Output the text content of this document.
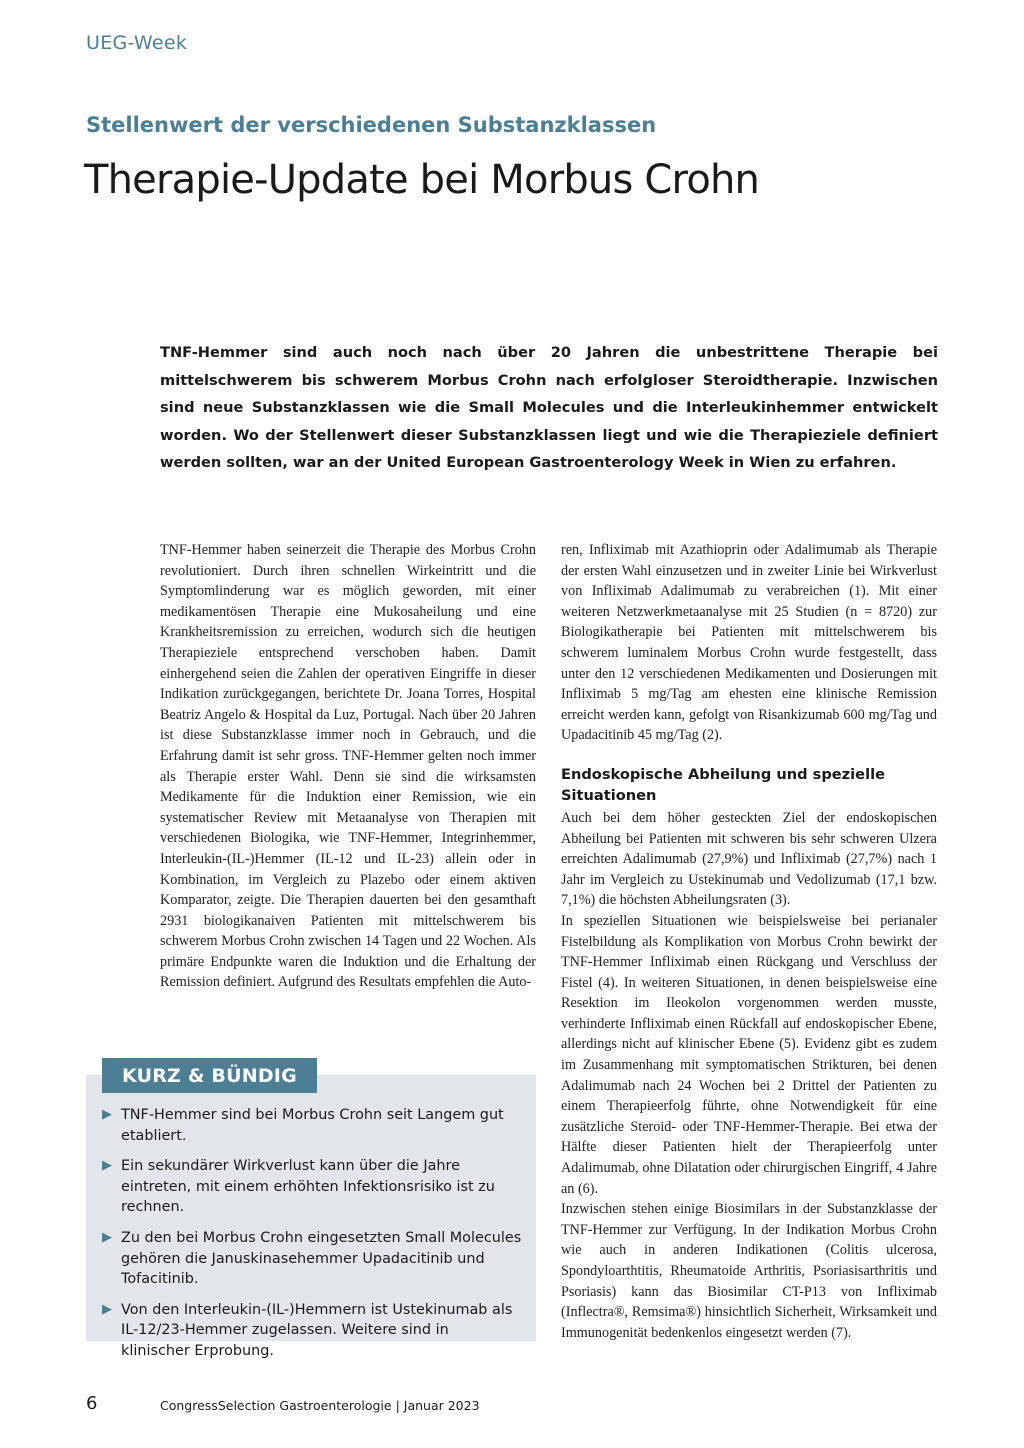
UEG-Week
Stellenwert der verschiedenen Substanzklassen
Therapie-Update bei Morbus Crohn

TNF-Hemmer sind auch noch nach über 20 Jahren die unbestrittene Therapie bei mittelschwerem bis schwerem Morbus Crohn nach erfolgloser Steroidtherapie. Inzwischen sind neue Substanzklassen wie die Small Molecules und die Interleukinhemmer entwickelt worden. Wo der Stellenwert dieser Substanzklassen liegt und wie die Therapieziele definiert werden sollten, war an der United European Gastroenterology Week in Wien zu erfahren.

TNF-Hemmer haben seinerzeit die Therapie des Morbus Crohn revolutioniert. Durch ihren schnellen Wirkeintritt und die Symptomlinderung war es möglich geworden, mit einer medikamentösen Therapie eine Mukosaheilung und eine Krankheitsremission zu erreichen, wodurch sich die heutigen Therapieziele entsprechend verschoben haben. Damit einhergehend seien die Zahlen der operativen Eingriffe in dieser Indikation zurückgegangen, berichtete Dr. Joana Torres, Hospital Beatriz Angelo & Hospital da Luz, Portugal. Nach über 20 Jahren ist diese Substanzklasse immer noch in Gebrauch, und die Erfahrung damit ist sehr gross. TNF-Hemmer gelten noch immer als Therapie erster Wahl. Denn sie sind die wirksamsten Medikamente für die Induktion einer Remission, wie ein systematischer Review mit Metaanalyse von Therapien mit verschiedenen Biologika, wie TNF-Hemmer, Integrinhemmer, Interleukin-(IL-)Hemmer (IL-12 und IL-23) allein oder in Kombination, im Vergleich zu Plazebo oder einem aktiven Komparator, zeigte. Die Therapien dauerten bei den gesamthaft 2931 biologikanaiven Patienten mit mittelschwerem bis schwerem Morbus Crohn zwischen 14 Tagen und 22 Wochen. Als primäre Endpunkte waren die Induktion und die Erhaltung der Remission definiert. Aufgrund des Resultats empfehlen die Auto-

ren, Infliximab mit Azathioprin oder Adalimumab als Therapie der ersten Wahl einzusetzen und in zweiter Linie bei Wirkverlust von Infliximab Adalimumab zu verabreichen (1). Mit einer weiteren Netzwerkmetaanalyse mit 25 Studien (n = 8720) zur Biologikatherapie bei Patienten mit mittelschwerem bis schwerem luminalem Morbus Crohn wurde festgestellt, dass unter den 12 verschiedenen Medikamenten und Dosierungen mit Infliximab 5 mg/Tag am ehesten eine klinische Remission erreicht werden kann, gefolgt von Risankizumab 600 mg/Tag und Upadacitinib 45 mg/Tag (2).

Endoskopische Abheilung und spezielle Situationen

Auch bei dem höher gesteckten Ziel der endoskopischen Abheilung bei Patienten mit schweren bis sehr schweren Ulzera erreichten Adalimumab (27,9%) und Infliximab (27,7%) nach 1 Jahr im Vergleich zu Ustekinumab und Vedolizumab (17,1 bzw. 7,1%) die höchsten Abheilungsraten (3).

In speziellen Situationen wie beispielsweise bei perianaler Fistelbildung als Komplikation von Morbus Crohn bewirkt der TNF-Hemmer Infliximab einen Rückgang und Verschluss der Fistel (4). In weiteren Situationen, in denen beispielsweise eine Resektion im Ileokolon vorgenommen werden musste, verhinderte Infliximab einen Rückfall auf endoskopischer Ebene, allerdings nicht auf klinischer Ebene (5). Evidenz gibt es zudem im Zusammenhang mit symptomatischen Strikturen, bei denen Adalimumab nach 24 Wochen bei 2 Drittel der Patienten zu einem Therapieerfolg führte, ohne Notwendigkeit für eine zusätzliche Steroid- oder TNF-Hemmer-Therapie. Bei etwa der Hälfte dieser Patienten hielt der Therapieerfolg unter Adalimumab, ohne Dilatation oder chirurgischen Eingriff, 4 Jahre an (6).

Inzwischen stehen einige Biosimilars in der Substanzklasse der TNF-Hemmer zur Verfügung. In der Indikation Morbus Crohn wie auch in anderen Indikationen (Colitis ulcerosa, Spondyloarthtitis, Rheumatoide Arthritis, Psoriasisarthritis und Psoriasis) kann das Biosimilar CT-P13 von Infliximab (Inflectra®, Remsima®) hinsichtlich Sicherheit, Wirksamkeit und Immunogenität bedenkenlos eingesetzt werden (7).

KURZ & BÜNDIG
▶ TNF-Hemmer sind bei Morbus Crohn seit Langem gut etabliert.
▶ Ein sekundärer Wirkverlust kann über die Jahre eintreten, mit einem erhöhten Infektionsrisiko ist zu rechnen.
▶ Zu den bei Morbus Crohn eingesetzten Small Molecules gehören die Januskinasehemmer Upadacitinib und Tofacitinib.
▶ Von den Interleukin-(IL-)Hemmern ist Ustekinumab als IL-12/23-Hemmer zugelassen. Weitere sind in klinischer Erprobung.
6	CongressSelection Gastroenterologie | Januar 2023
